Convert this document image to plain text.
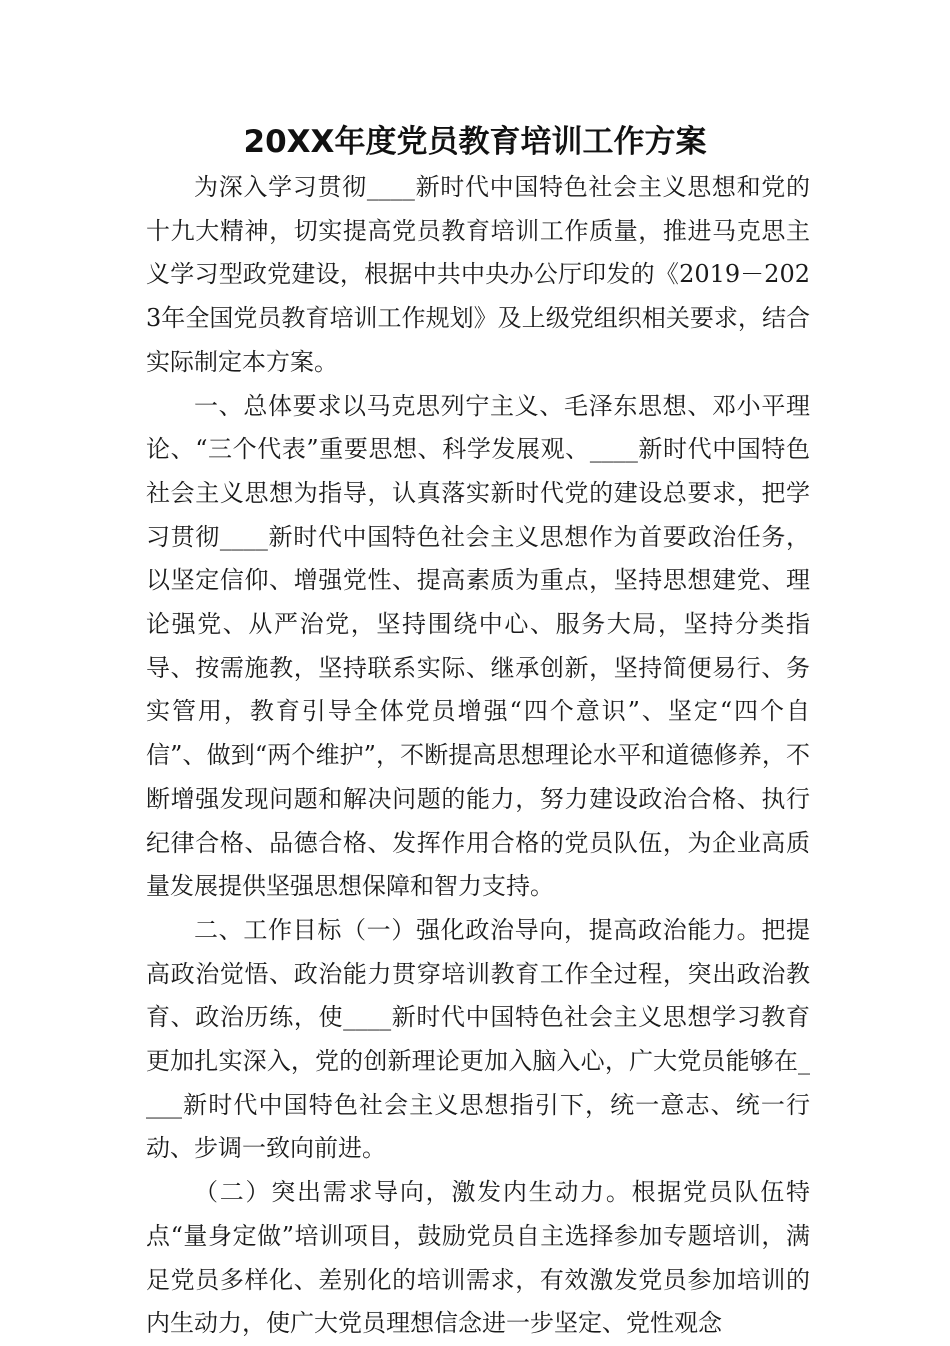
20XX年度党员教育培训工作方案

为深入学习贯彻____新时代中国特色社会主义思想和党的十九大精神，切实提高党员教育培训工作质量，推进马克思主义学习型政党建设，根据中共中央办公厅印发的《2019－2023年全国党员教育培训工作规划》及上级党组织相关要求，结合实际制定本方案。

一、总体要求以马克思列宁主义、毛泽东思想、邓小平理论、“三个代表”重要思想、科学发展观、____新时代中国特色社会主义思想为指导，认真落实新时代党的建设总要求，把学习贯彻____新时代中国特色社会主义思想作为首要政治任务，以坚定信仰、增强党性、提高素质为重点，坚持思想建党、理论强党、从严治党，坚持围绕中心、服务大局，坚持分类指导、按需施教，坚持联系实际、继承创新，坚持简便易行、务实管用，教育引导全体党员增强“四个意识”、坚定“四个自信”、做到“两个维护”，不断提高思想理论水平和道德修养，不断增强发现问题和解决问题的能力，努力建设政治合格、执行纪律合格、品德合格、发挥作用合格的党员队伍，为企业高质量发展提供坚强思想保障和智力支持。

二、工作目标（一）强化政治导向，提高政治能力。把提高政治觉悟、政治能力贯穿培训教育工作全过程，突出政治教育、政治历练，使____新时代中国特色社会主义思想学习教育更加扎实深入，党的创新理论更加入脑入心，广大党员能够在____新时代中国特色社会主义思想指引下，统一意志、统一行动、步调一致向前进。

（二）突出需求导向，激发内生动力。根据党员队伍特点“量身定做”培训项目，鼓励党员自主选择参加专题培训，满足党员多样化、差别化的培训需求，有效激发党员参加培训的内生动力，使广大党员理想信念进一步坚定、党性观念
